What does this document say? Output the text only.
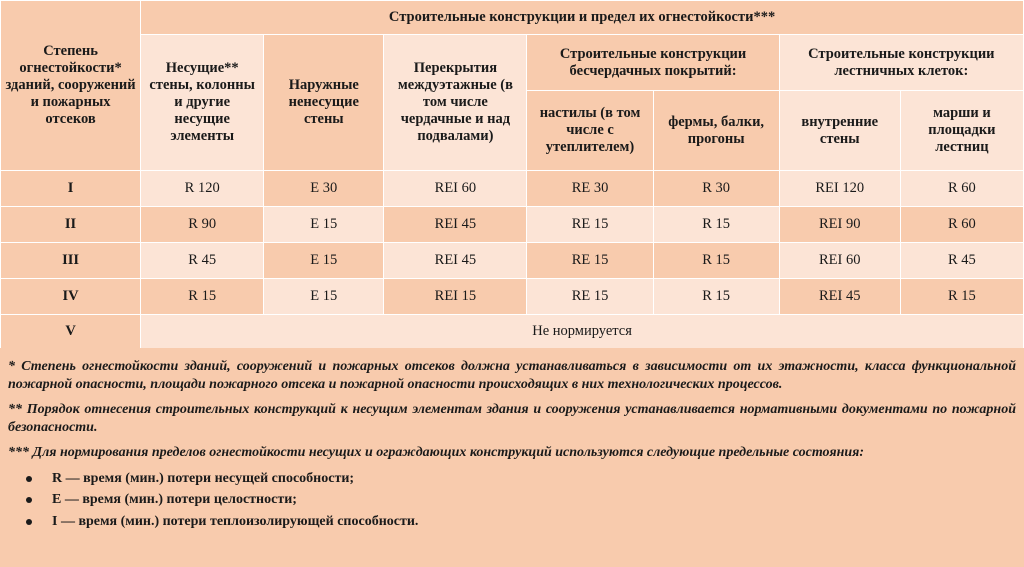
Степень огнестойкости* зданий, сооружений и пожарных отсеков	Строительные конструкции и предел их огнестойкости***						
	Несущие** стены, колонны и другие несущие элементы	Наружные ненесущие стены	Перекрытия междуэтажные (в том числе чердачные и над подвалами)	Строительные конструкции бесчердачных покрытий:		Строительные конструкции лестничных клеток:	
				настилы (в том числе с утеплителем)	фермы, балки, прогоны	внутренние стены	марши и площадки лестниц
I	R 120	E 30	REI 60	RE 30	R 30	REI 120	R 60
II	R 90	E 15	REI 45	RE 15	R 15	REI 90	R 60
III	R 45	E 15	REI 45	RE 15	R 15	REI 60	R 45
IV	R 15	E 15	REI 15	RE 15	R 15	REI 45	R 15
V	Не нормируется						

* Степень огнестойкости зданий, сооружений и пожарных отсеков должна устанавливаться в зависимости от их этажности, класса функциональной пожарной опасности, площади пожарного отсека и пожарной опасности происходящих в них технологических процессов.

** Порядок отнесения строительных конструкций к несущим элементам здания и сооружения устанавливается нормативными документами по пожарной безопасности.

*** Для нормирования пределов огнестойкости несущих и ограждающих конструкций используются следующие предельные состояния:

R — время (мин.) потери несущей способности;
E — время (мин.) потери целостности;
I — время (мин.) потери теплоизолирующей способности.
